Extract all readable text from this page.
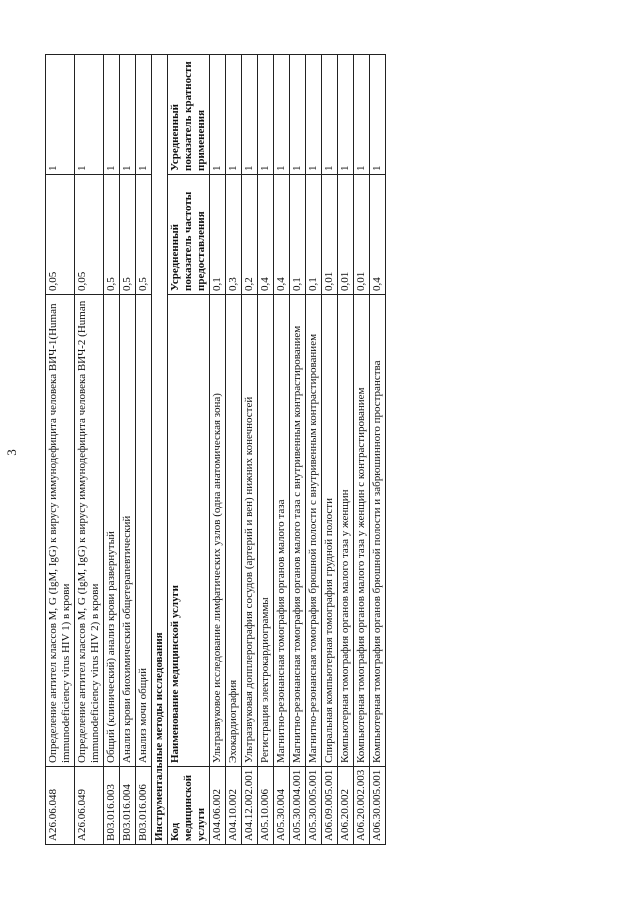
3
A26.06.048	Определение антител классов M, G (IgM, IgG) к вирусу иммунодефицита человека ВИЧ-1(Human immunodeficiency virus HIV 1) в крови	0,05	1
A26.06.049	Определение антител классов M, G (IgM, IgG) к вирусу иммунодефицита человека ВИЧ-2 (Human immunodeficiency virus HIV 2) в крови	0,05	1
B03.016.003	Общий (клинический) анализ крови развернутый	0,5	1
B03.016.004	Анализ крови биохимический общетерапевтический	0,5	1
B03.016.006	Анализ мочи общий	0,5	1
Инструментальные методы исследования			
Код медицинской услуги	Наименование медицинской услуги	Усредненный показатель частоты предоставления	Усредненный показатель кратности применения
A04.06.002	Ультразвуковое исследование лимфатических узлов (одна анатомическая зона)	0,1	1
A04.10.002	Эхокардиография	0,3	1
A04.12.002.001	Ультразвуковая допплерография сосудов (артерий и вен) нижних конечностей	0,2	1
A05.10.006	Регистрация электрокардиограммы	0,4	1
A05.30.004	Магнитно-резонансная томография органов малого таза	0,4	1
A05.30.004.001	Магнитно-резонансная томография органов малого таза с внутривенным контрастированием	0,1	1
A05.30.005.001	Магнитно-резонансная томография брюшной полости с внутривенным контрастированием	0,1	1
A06.09.005.001	Спиральная компьютерная томография грудной полости	0,01	1
A06.20.002	Компьютерная томография органов малого таза у женщин	0,01	1
A06.20.002.003	Компьютерная томография органов малого таза у женщин с контрастированием	0,01	1
A06.30.005.001	Компьютерная томография органов брюшной полости и забрюшинного пространства	0,4	1
